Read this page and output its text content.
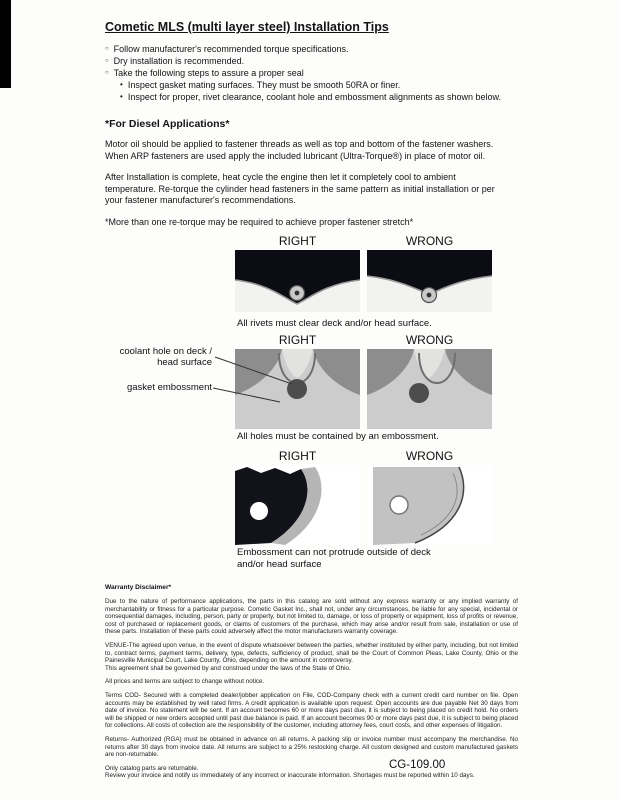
Cometic MLS (multi layer steel) Installation Tips
○ Follow manufacturer's recommended torque specifications.
○ Dry installation is recommended.
○ Take the following steps to assure a proper seal
• Inspect gasket mating surfaces. They must be smooth 50RA or finer.
• Inspect for proper, rivet clearance, coolant hole and embossment alignments as shown below.
*For Diesel Applications*

Motor oil should be applied to fastener threads as well as top and bottom of the fastener washers. When ARP fasteners are used apply the included lubricant (Ultra-Torque®) in place of motor oil.

After Installation is complete, heat cycle the engine then let it completely cool to ambient temperature. Re-torque the cylinder head fasteners in the same pattern as initial installation or per your fastener manufacturer's recommendations.

*More than one re-torque may be required to achieve proper fastener stretch*

RIGHT	WRONG
All rivets must clear deck and/or head surface.
RIGHT	WRONG
coolant hole on deck / head surface
gasket embossment
All holes must be contained by an embossment.
RIGHT	WRONG
Embossment can not protrude outside of deck and/or head surface
Warranty Disclaimer*

Due to the nature of performance applications, the parts in this catalog are sold without any express warranty or any implied warranty of merchantability or fitness for a particular purpose. Cometic Gasket Inc., shall not, under any circumstances, be liable for any special, incidental or consequential damages, including, person, party or property, but not limited to, damage, or loss of property or equipment, loss of profits or revenue, cost of purchased or replacement goods, or claims of customers of the purchase, which may arise and/or result from sale, installation or use of these parts. Installation of these parts could adversely affect the motor manufacturers warranty coverage.

VENUE-The agreed upon venue, in the event of dispute whatsoever between the parties, whether instituted by either party, including, but not limited to, contract terms, payment terms, delivery, type, defects, sufficiency of product, shall be the Court of Common Pleas, Lake County, Ohio or the Painesville Municipal Court, Lake County, Ohio, depending on the amount in controversy.

This agreement shall be governed by and construed under the laws of the State of Ohio.

All prices and terms are subject to change without notice.

Terms COD- Secured with a completed dealer/jobber application on File, COD-Company check with a current credit card number on file. Open accounts may be established by well rated firms. A credit application is available upon request. Open accounts are due payable Net 30 days from date of invoice. No statement will be sent. If an account becomes 60 or more days past due, it is subject to being placed on credit hold. No orders will be shipped or new orders accepted until past due balance is paid. If an account becomes 90 or more days past due, it is subject to being placed for collections. All costs of collection are the responsibility of the customer, including attorney fees, court costs, and other expenses of litigation.

Returns- Authorized (RGA) must be obtained in advance on all returns. A packing slip or invoice number must accompany the merchandise. No returns after 30 days from invoice date. All returns are subject to a 25% restocking charge. All custom designed and custom manufactured gaskets are non-returnable.

Only catalog parts are returnable.

Review your invoice and notify us immediately of any incorrect or inaccurate information. Shortages must be reported within 10 days.

CG-109.00
